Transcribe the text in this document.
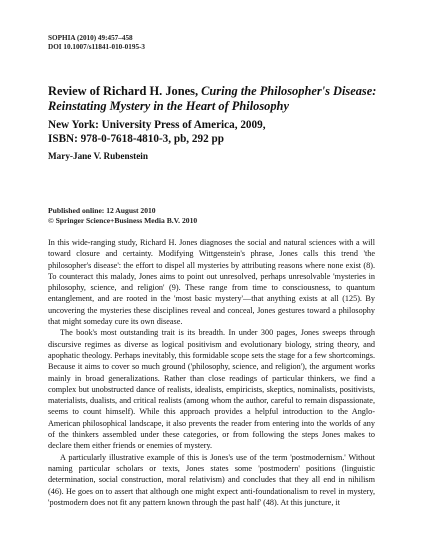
SOPHIA (2010) 49:457–458
DOI 10.1007/s11841-010-0195-3
Review of Richard H. Jones, Curing the Philosopher's Disease: Reinstating Mystery in the Heart of Philosophy
New York: University Press of America, 2009,
ISBN: 978-0-7618-4810-3, pb, 292 pp
Mary-Jane V. Rubenstein
Published online: 12 August 2010
© Springer Science+Business Media B.V. 2010

In this wide-ranging study, Richard H. Jones diagnoses the social and natural sciences with a will toward closure and certainty. Modifying Wittgenstein's phrase, Jones calls this trend 'the philosopher's disease': the effort to dispel all mysteries by attributing reasons where none exist (8). To counteract this malady, Jones aims to point out unresolved, perhaps unresolvable 'mysteries in philosophy, science, and religion' (9). These range from time to consciousness, to quantum entanglement, and are rooted in the 'most basic mystery'—that anything exists at all (125). By uncovering the mysteries these disciplines reveal and conceal, Jones gestures toward a philosophy that might someday cure its own disease.

The book's most outstanding trait is its breadth. In under 300 pages, Jones sweeps through discursive regimes as diverse as logical positivism and evolutionary biology, string theory, and apophatic theology. Perhaps inevitably, this formidable scope sets the stage for a few shortcomings. Because it aims to cover so much ground ('philosophy, science, and religion'), the argument works mainly in broad generalizations. Rather than close readings of particular thinkers, we find a complex but unobstructed dance of realists, idealists, empiricists, skeptics, nominalists, positivists, materialists, dualists, and critical realists (among whom the author, careful to remain dispassionate, seems to count himself). While this approach provides a helpful introduction to the Anglo-American philosophical landscape, it also prevents the reader from entering into the worlds of any of the thinkers assembled under these categories, or from following the steps Jones makes to declare them either friends or enemies of mystery.

A particularly illustrative example of this is Jones's use of the term 'postmodernism.' Without naming particular scholars or texts, Jones states some 'postmodern' positions (linguistic determination, social construction, moral relativism) and concludes that they all end in nihilism (46). He goes on to assert that although one might expect anti-foundationalism to revel in mystery, 'postmodern does not fit any pattern known through the past half' (48). At this juncture, it
